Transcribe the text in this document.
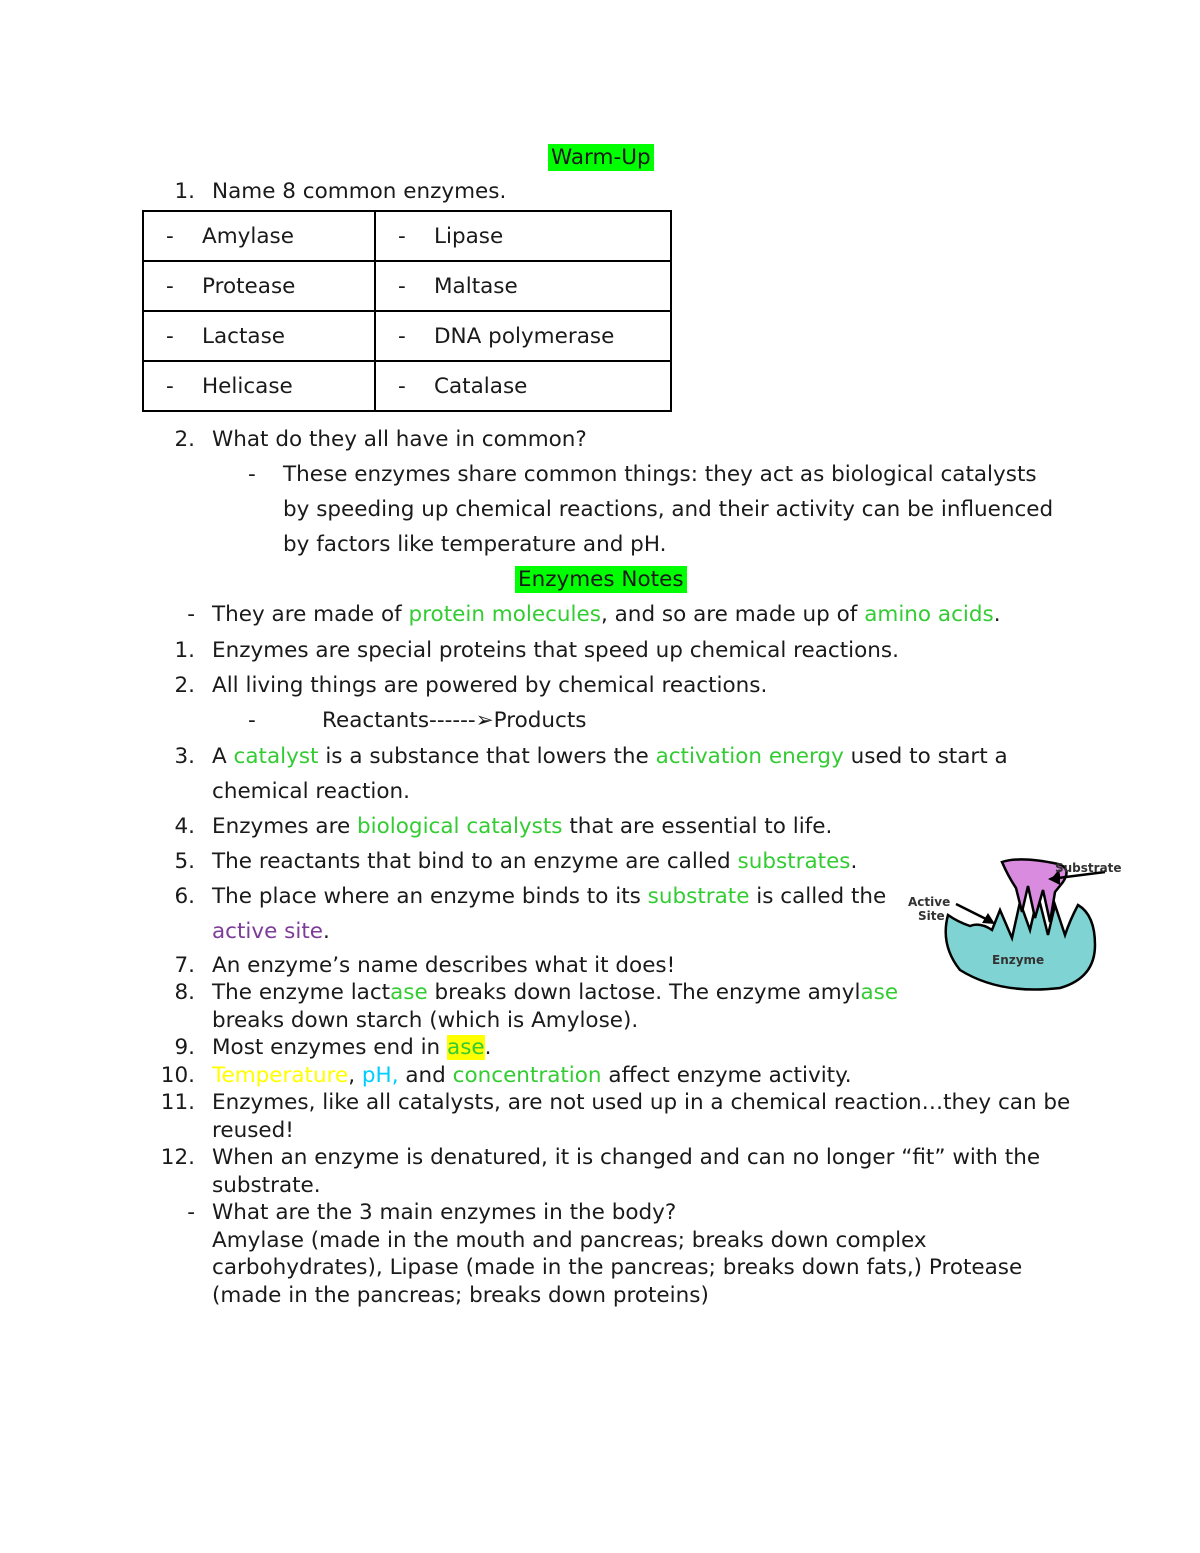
Warm-Up
1. Name 8 common enzymes.
- Amylase	- Lipase
- Protease	- Maltase
- Lactase	- DNA polymerase
- Helicase	- Catalase
2. What do they all have in common?
- These enzymes share common things: they act as biological catalysts
by speeding up chemical reactions, and their activity can be influenced
by factors like temperature and pH.
Enzymes Notes
- They are made of protein molecules, and so are made up of amino acids.
1. Enzymes are special proteins that speed up chemical reactions.
2. All living things are powered by chemical reactions.
-	Reactants------➢Products
3. A catalyst is a substance that lowers the activation energy used to start a
chemical reaction.
4. Enzymes are biological catalysts that are essential to life.
5. The reactants that bind to an enzyme are called substrates.
6. The place where an enzyme binds to its substrate is called the
active site.
7. An enzyme’s name describes what it does!
8. The enzyme lactase breaks down lactose. The enzyme amylase
breaks down starch (which is Amylose).
9. Most enzymes end in ase.
10. Temperature, pH, and concentration affect enzyme activity.
11. Enzymes, like all catalysts, are not used up in a chemical reaction…they can be
reused!
12. When an enzyme is denatured, it is changed and can no longer “fit” with the
substrate.
- What are the 3 main enzymes in the body?
Amylase (made in the mouth and pancreas; breaks down complex
carbohydrates), Lipase (made in the pancreas; breaks down fats,) Protease
(made in the pancreas; breaks down proteins)
Substrate
Active
Site
Enzyme
